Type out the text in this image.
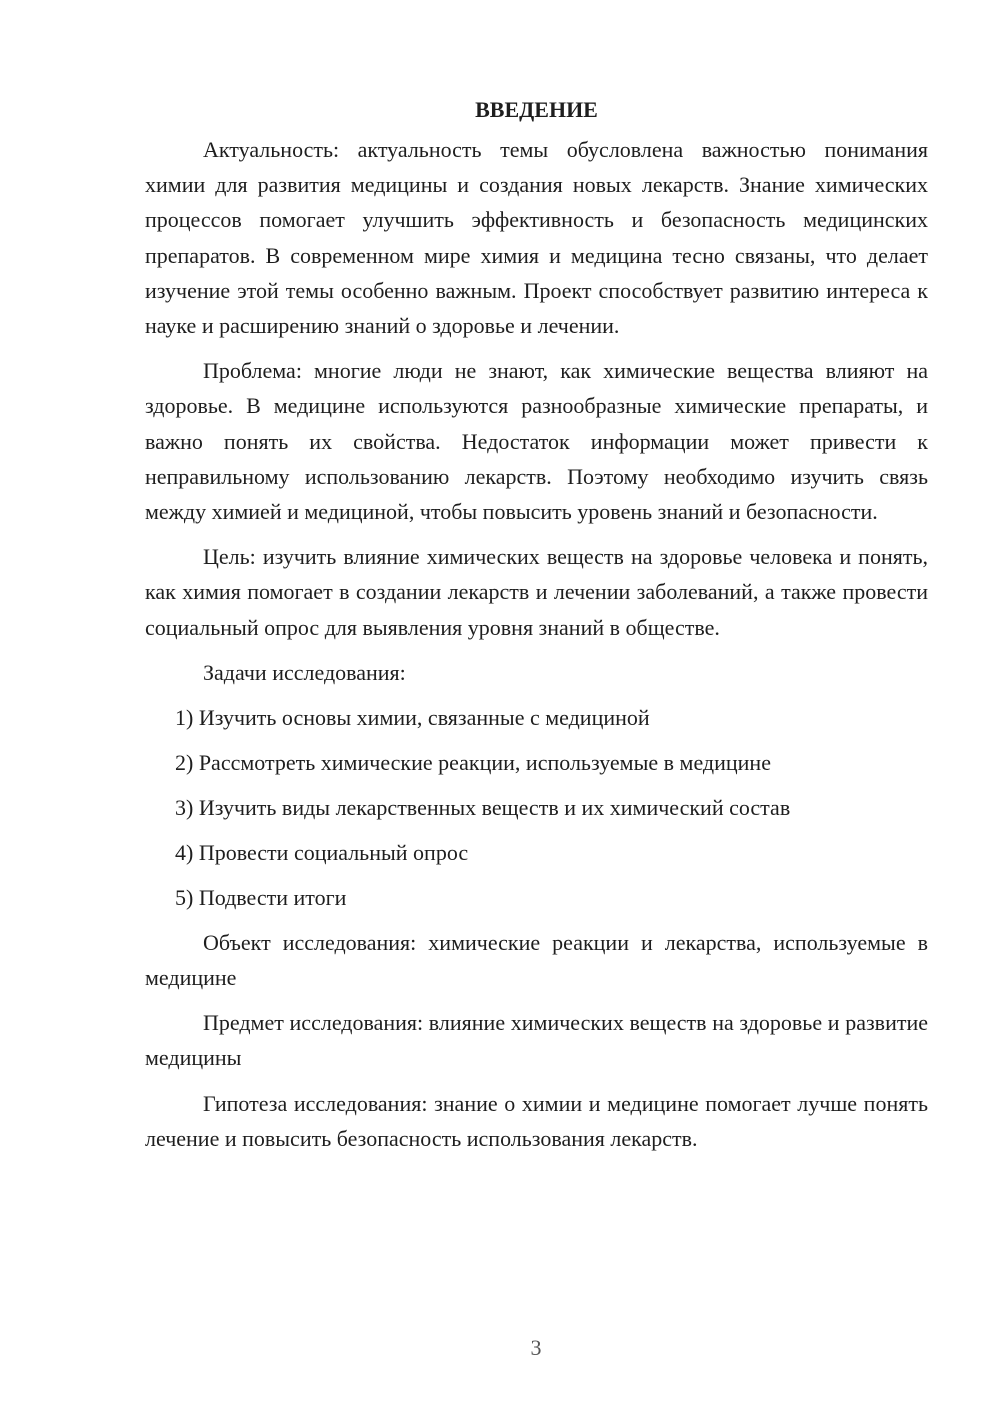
ВВЕДЕНИЕ

Актуальность: актуальность темы обусловлена важностью понимания химии для развития медицины и создания новых лекарств. Знание химических процессов помогает улучшить эффективность и безопасность медицинских препаратов. В современном мире химия и медицина тесно связаны, что делает изучение этой темы особенно важным. Проект способствует развитию интереса к науке и расширению знаний о здоровье и лечении.

Проблема: многие люди не знают, как химические вещества влияют на здоровье. В медицине используются разнообразные химические препараты, и важно понять их свойства. Недостаток информации может привести к неправильному использованию лекарств. Поэтому необходимо изучить связь между химией и медициной, чтобы повысить уровень знаний и безопасности.

Цель: изучить влияние химических веществ на здоровье человека и понять, как химия помогает в создании лекарств и лечении заболеваний, а также провести социальный опрос для выявления уровня знаний в обществе.

Задачи исследования:
1) Изучить основы химии, связанные с медициной
2) Рассмотреть химические реакции, используемые в медицине
3) Изучить виды лекарственных веществ и их химический состав
4) Провести социальный опрос
5) Подвести итоги

Объект исследования: химические реакции и лекарства, используемые в медицине

Предмет исследования: влияние химических веществ на здоровье и развитие медицины

Гипотеза исследования: знание о химии и медицине помогает лучше понять лечение и повысить безопасность использования лекарств.

3
